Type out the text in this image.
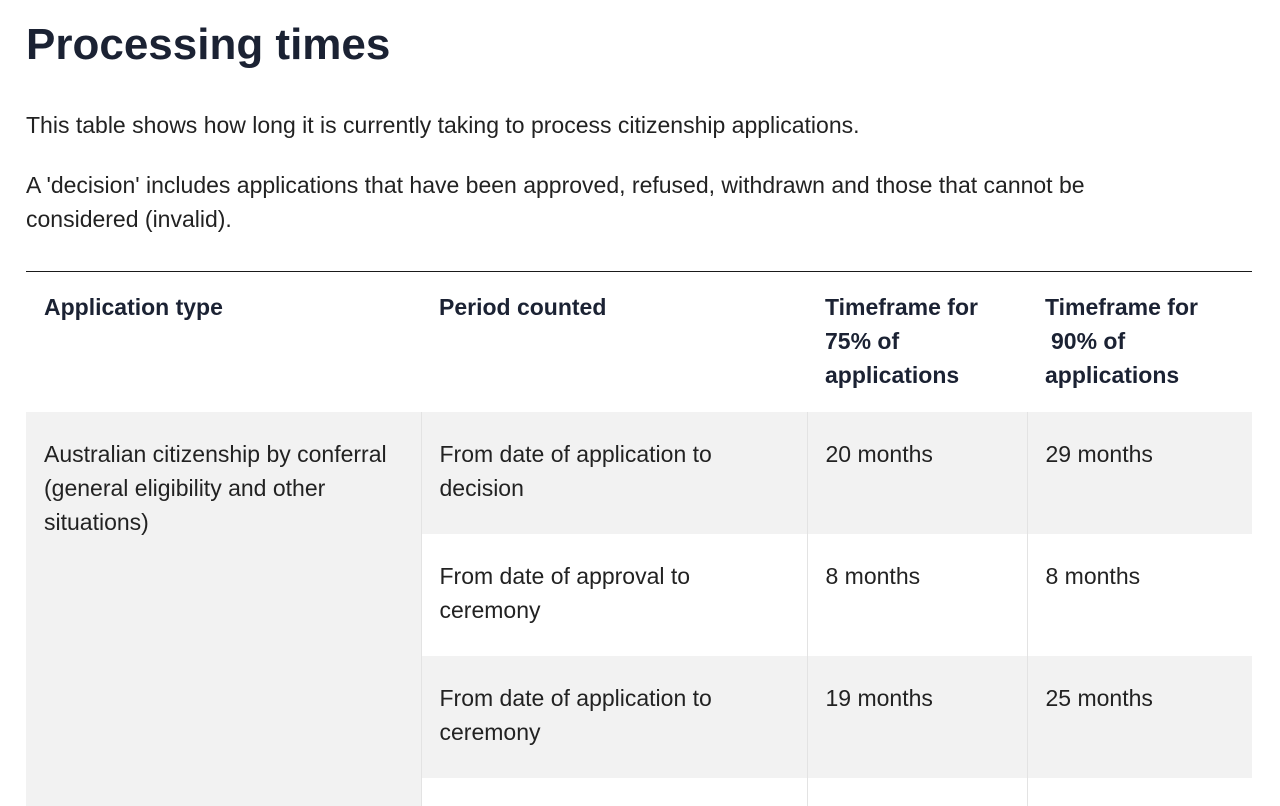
Processing times

This table shows how long it is currently taking to process citizenship applications.

A 'decision' includes applications that have been approved, refused, withdrawn and those that cannot be considered (invalid).

Application type	Period counted	Timeframe for
75% of
applications	Timeframe for
90% of
applications

Australian citizenship by conferral
(general eligibility and other situations)	From date of application to decision	20 months	29 months
	From date of approval to ceremony	8 months	8 months
	From date of application to ceremony	19 months	25 months
